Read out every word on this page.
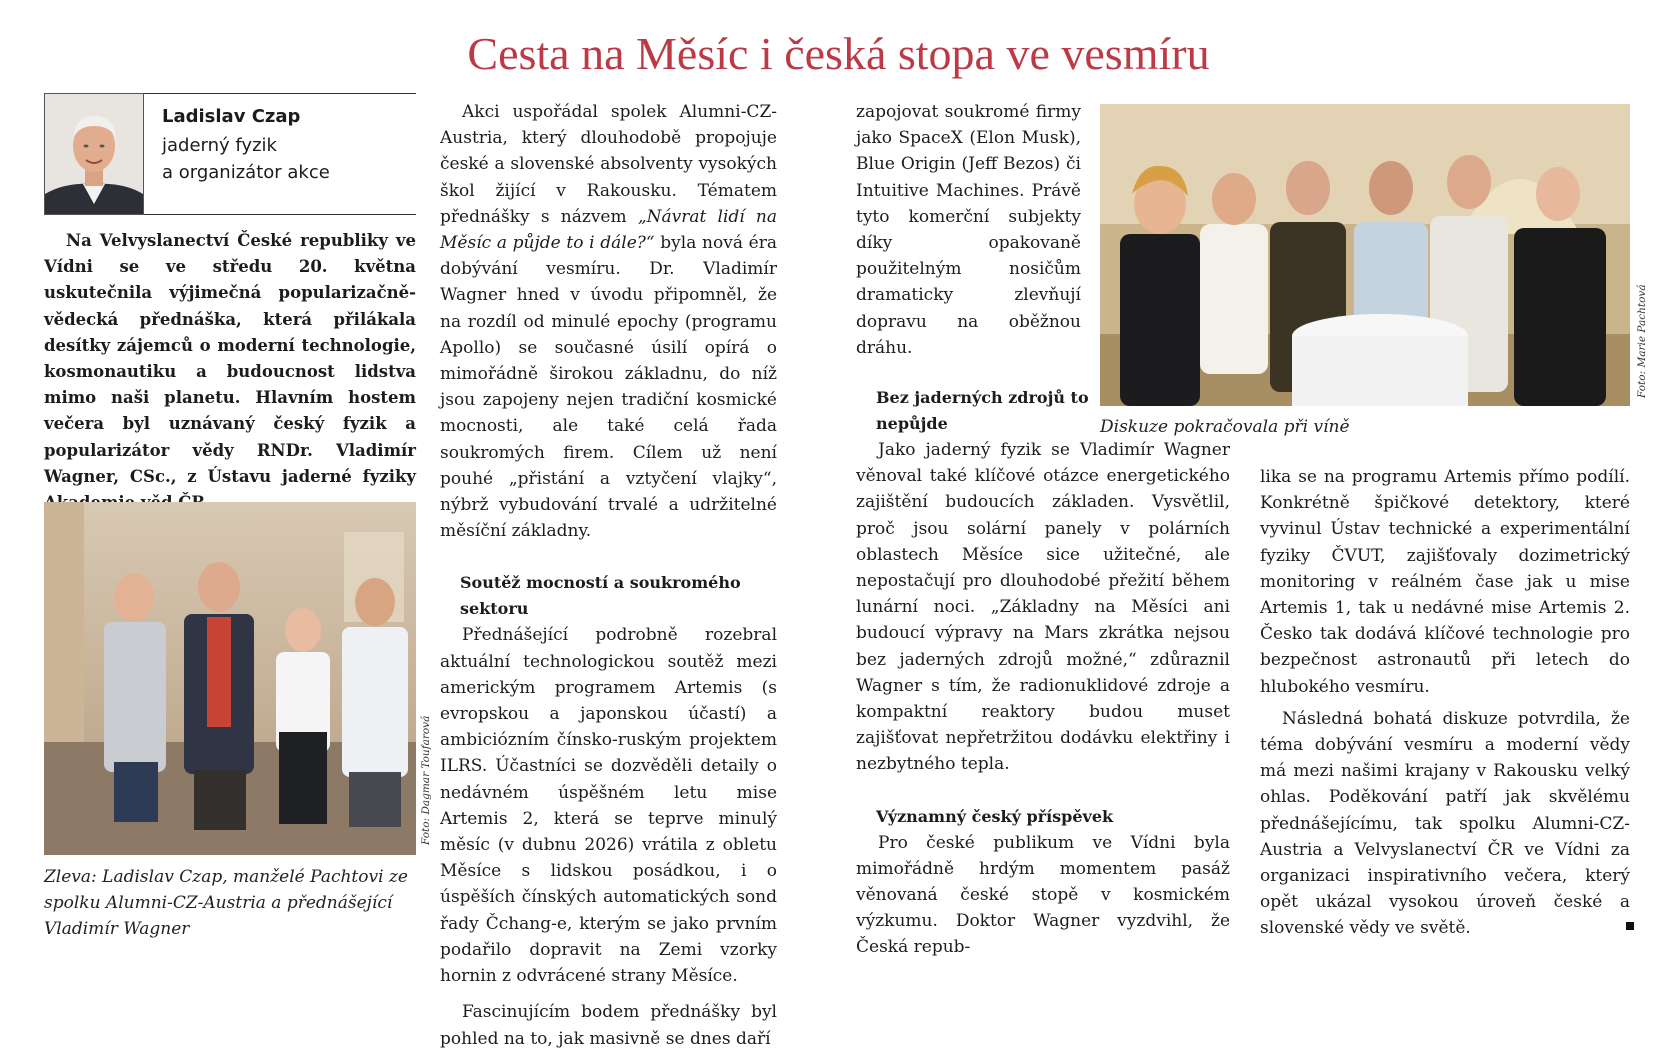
Cesta na Měsíc i česká stopa ve vesmíru
Ladislav Czap
jaderný fyzik
a organizátor akce

Na Velvyslanectví České republiky ve Vídni se ve středu 20. května uskutečnila výjimečná popularizačně-vědecká přednáška, která přilákala desítky zájemců o moderní technologie, kosmonautiku a budoucnost lidstva mimo naši planetu. Hlavním hostem večera byl uznávaný český fyzik a popularizátor vědy RNDr. Vladimír Wagner, CSc., z Ústavu jaderné fyziky

Foto: Dagmar Toufarová
Zleva: Ladislav Czap, manželé Pachtovi ze spolku Alumni-CZ-Austria a přednášející Vladimír Wagner

Akci uspořádal spolek Alumni-CZ-Austria, který dlouhodobě propojuje české a slovenské absolventy vysokých škol žijící v Rakousku. Tématem přednášky s názvem „Návrat lidí na Měsíc a půjde to i dále?“ byla nová éra dobývání vesmíru. Dr. Vladimír Wagner hned v úvodu připomněl, že na rozdíl od minulé epochy (programu Apollo) se současné úsilí opírá o mimořádně širokou základnu, do níž jsou zapojeny nejen tradiční kosmické mocnosti, ale také celá řada soukromých firem. Cílem už není pouhé „přistání a vztyčení vlajky“, nýbrž vybudování trvalé a udržitelné měsíční základny.

Soutěž mocností a soukromého sektoru

Přednášející podrobně rozebral aktuální technologickou soutěž mezi americkým programem Artemis (s evropskou a japonskou účastí) a ambiciózním čínsko-ruským projektem ILRS. Účastníci se dozvěděli detaily o nedávném úspěšném letu mise Artemis 2, která se teprve minulý měsíc (v dubnu 2026) vrátila z obletu Měsíce s lidskou posádkou, i o úspěších čínských automatických sond řady Čchang-e, kterým se jako prvním podařilo dopravit na Zemi vzorky hornin z odvrácené strany Měsíce.

Fascinujícím bodem přednášky byl pohled na to, jak masivně se dnes daří

Foto: Marie Pachtová
Diskuze pokračovala při víně

zapojovat soukromé firmy jako SpaceX (Elon Musk), Blue Origin (Jeff Bezos) či Intuitive Machines. Právě tyto komerční subjekty díky opakovaně použitelným nosičům dramaticky zlevňují dopravu na oběžnou dráhu.

Bez jaderných zdrojů to nepůjde

Jako jaderný fyzik se Vladimír Wagner věnoval také klíčové otázce energetického zajištění budoucích základen. Vysvětlil, proč jsou solární panely v polárních oblastech Měsíce sice užitečné, ale nepostačují pro dlouhodobé přežití během lunární noci. „Základny na Měsíci ani budoucí výpravy na Mars zkrátka nejsou bez jaderných zdrojů možné,“ zdůraznil Wagner s tím, že radionuklidové zdroje a kompaktní reaktory budou muset zajišťovat nepřetržitou dodávku elektřiny i nezbytného tepla.

Významný český příspěvek

Pro české publikum ve Vídni byla mimořádně hrdým momentem pasáž věnovaná české stopě v kosmickém výzkumu. Doktor Wagner vyzdvihl, že Česká repub-

lika se na programu Artemis přímo podílí. Konkrétně špičkové detektory, které vyvinul Ústav technické a experimentální fyziky ČVUT, zajišťovaly dozimetrický monitoring v reálném čase jak u mise Artemis 1, tak u nedávné mise Artemis 2. Česko tak dodává klíčové technologie pro bezpečnost astronautů při letech do hlubokého vesmíru.

Následná bohatá diskuze potvrdila, že téma dobývání vesmíru a moderní vědy má mezi našimi krajany v Rakousku velký ohlas. Poděkování patří jak skvělému přednášejícímu, tak spolku Alumni-CZ-Austria a Velvyslanectví ČR ve Vídni za organizaci inspirativního večera, který opět ukázal vysokou úroveň české a slovenské vědy ve světě.
